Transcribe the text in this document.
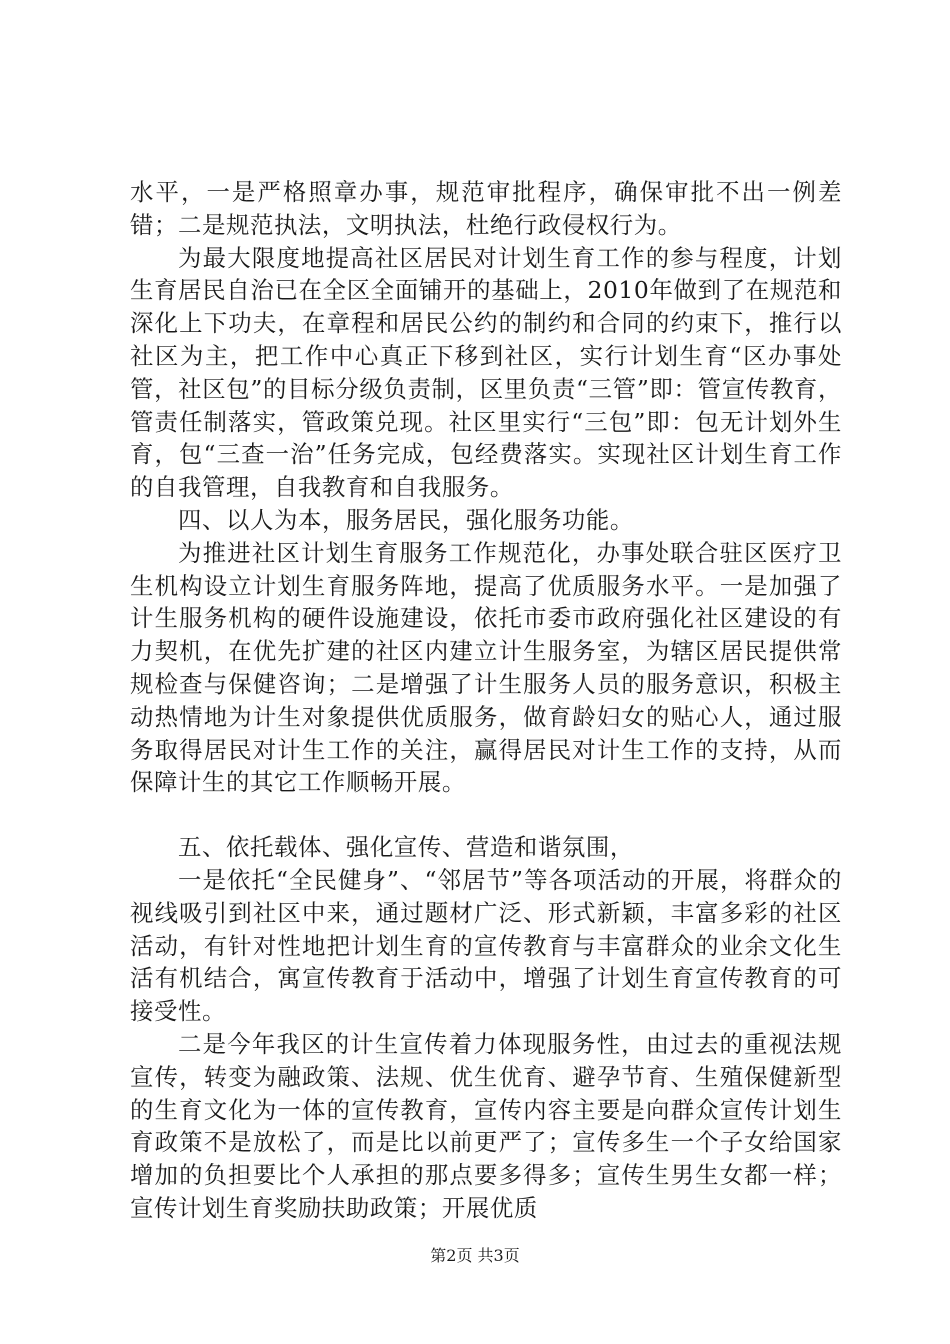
水平，一是严格照章办事，规范审批程序，确保审批不出一例差错；二是规范执法，文明执法，杜绝行政侵权行为。

为最大限度地提高社区居民对计划生育工作的参与程度，计划生育居民自治已在全区全面铺开的基础上，2010年做到了在规范和深化上下功夫，在章程和居民公约的制约和合同的约束下，推行以社区为主，把工作中心真正下移到社区，实行计划生育“区办事处管，社区包”的目标分级负责制，区里负责“三管”即：管宣传教育，管责任制落实，管政策兑现。社区里实行“三包”即：包无计划外生育，包“三查一治”任务完成，包经费落实。实现社区计划生育工作的自我管理，自我教育和自我服务。

四、以人为本，服务居民，强化服务功能。

为推进社区计划生育服务工作规范化，办事处联合驻区医疗卫生机构设立计划生育服务阵地，提高了优质服务水平。一是加强了计生服务机构的硬件设施建设，依托市委市政府强化社区建设的有力契机，在优先扩建的社区内建立计生服务室，为辖区居民提供常规检查与保健咨询；二是增强了计生服务人员的服务意识，积极主动热情地为计生对象提供优质服务，做育龄妇女的贴心人，通过服务取得居民对计生工作的关注，赢得居民对计生工作的支持，从而保障计生的其它工作顺畅开展。

五、依托载体、强化宣传、营造和谐氛围，

一是依托“全民健身”、“邻居节”等各项活动的开展，将群众的视线吸引到社区中来，通过题材广泛、形式新颖，丰富多彩的社区活动，有针对性地把计划生育的宣传教育与丰富群众的业余文化生活有机结合，寓宣传教育于活动中，增强了计划生育宣传教育的可接受性。

二是今年我区的计生宣传着力体现服务性，由过去的重视法规宣传，转变为融政策、法规、优生优育、避孕节育、生殖保健新型的生育文化为一体的宣传教育，宣传内容主要是向群众宣传计划生育政策不是放松了，而是比以前更严了；宣传多生一个子女给国家增加的负担要比个人承担的那点要多得多；宣传生男生女都一样；宣传计划生育奖励扶助政策；开展优质

第2页 共3页
